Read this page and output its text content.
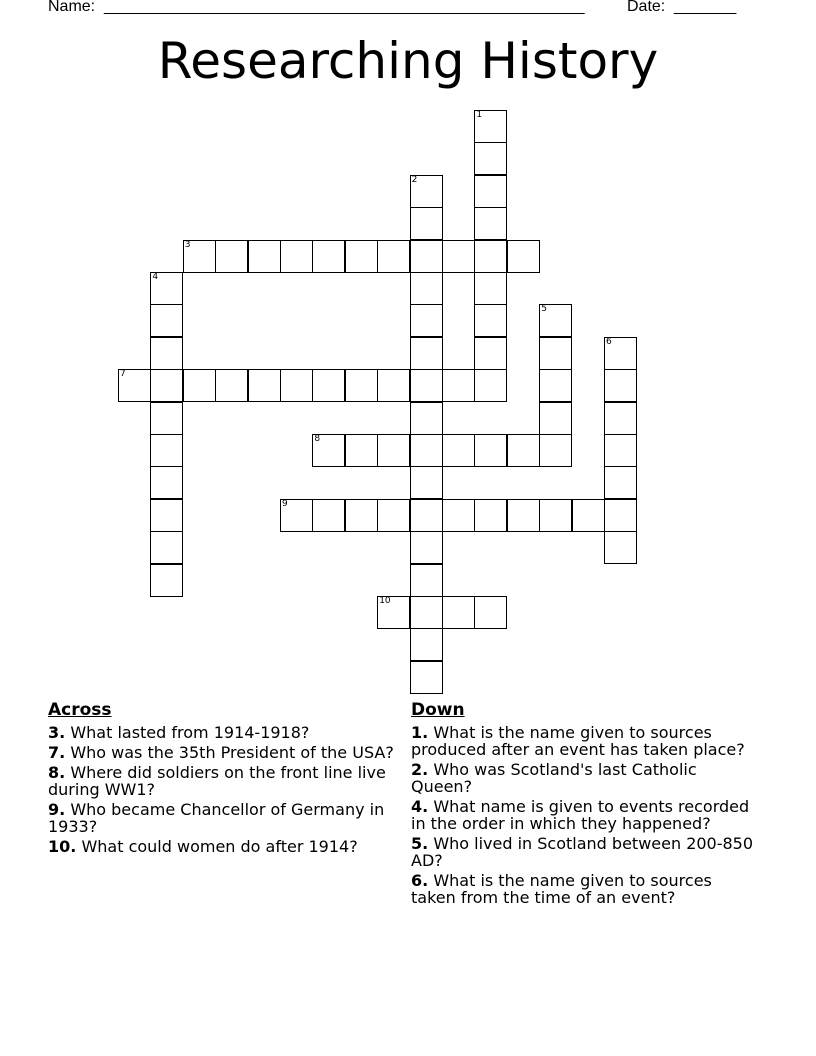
Name: ______________________________________________________	Date: _______
Researching History
1
2
3
4
5
6
7
8
9
10
Across
3. What lasted from 1914-1918?
7. Who was the 35th President of the USA?
8. Where did soldiers on the front line live during WW1?
9. Who became Chancellor of Germany in 1933?
10. What could women do after 1914?
Down
1. What is the name given to sources produced after an event has taken place?
2. Who was Scotland's last Catholic Queen?
4. What name is given to events recorded in the order in which they happened?
5. Who lived in Scotland between 200-850 AD?
6. What is the name given to sources taken from the time of an event?
